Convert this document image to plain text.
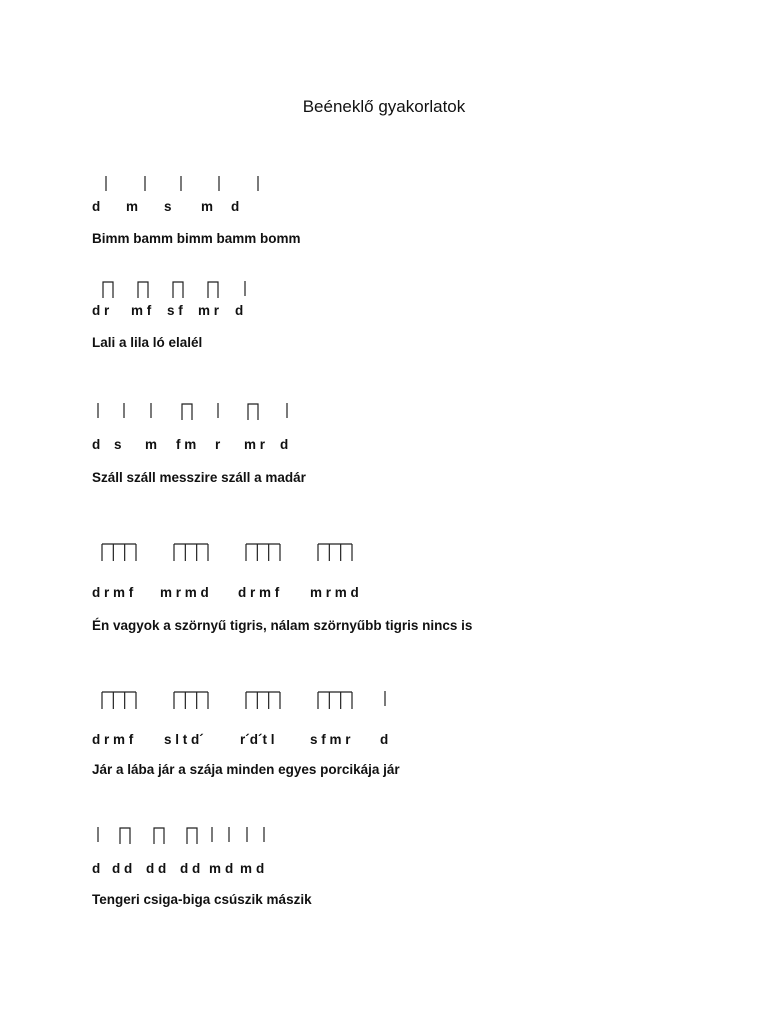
Beéneklő gyakorlatok
d m s m d

Bimm bamm bimm bamm bomm

d r m f s f m r d

Lali a lila ló elalél

d s m f m r m r d

Száll száll messzire száll a madár

d r m f m r m d d r m f m r m d

Én vagyok a szörnyű tigris, nálam szörnyűbb tigris nincs is

d r m f s l t d´	r´d´t l	s f m r d

Jár a lába jár a szája minden egyes porcikája jár

d d d d d d d m d m d

Tengeri csiga-biga csúszik mászik
